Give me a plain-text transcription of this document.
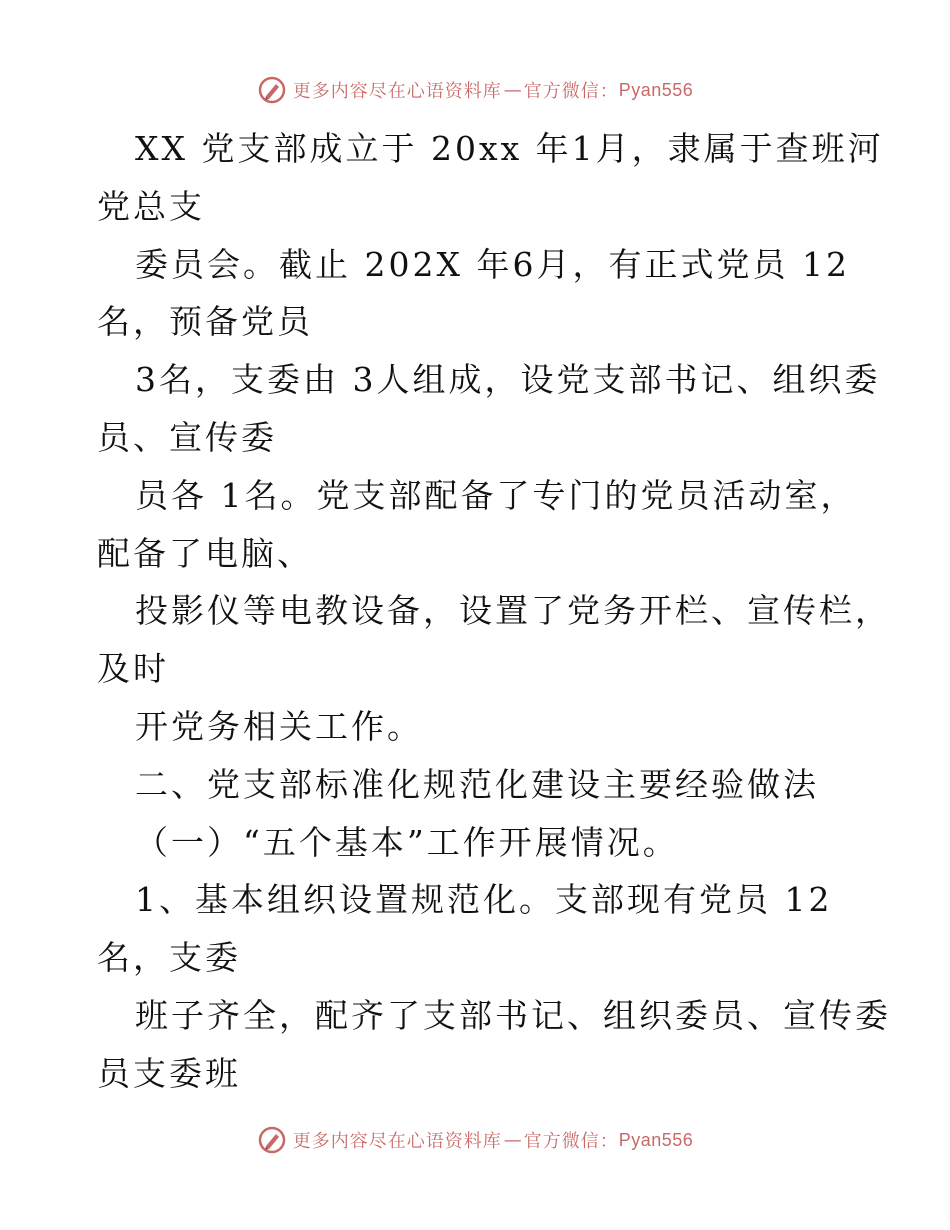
更多内容尽在心语资料库 — 官方微信： Pyan556
XX 党支部成立于 20xx 年1月，隶属于查班河
党总支
委员会。截止 202X 年6月，有正式党员 12
名，预备党员
3名，支委由 3人组成，设党支部书记、组织委
员、宣传委
员各 1名。党支部配备了专门的党员活动室，
配备了电脑、
投影仪等电教设备，设置了党务开栏、宣传栏，
及时
开党务相关工作。
二、党支部标准化规范化建设主要经验做法
（一）“五个基本”工作开展情况。
1、基本组织设置规范化。支部现有党员 12
名，支委
班子齐全，配齐了支部书记、组织委员、宣传委
员支委班
更多内容尽在心语资料库 — 官方微信： Pyan556
